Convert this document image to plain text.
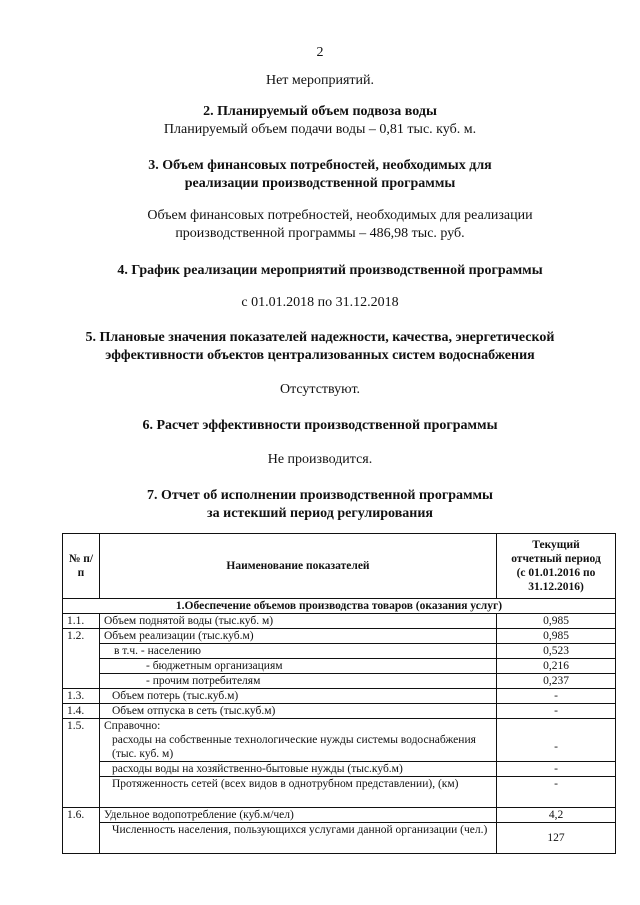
2
Нет мероприятий.
2. Планируемый объем подвоза воды
Планируемый объем подачи воды – 0,81 тыс. куб. м.
3. Объем финансовых потребностей, необходимых для
реализации производственной программы
Объем финансовых потребностей, необходимых для реализации
производственной программы – 486,98 тыс. руб.
4. График реализации мероприятий производственной программы
с 01.01.2018 по 31.12.2018
5. Плановые значения показателей надежности, качества, энергетической
эффективности объектов централизованных систем водоснабжения
Отсутствуют.
6. Расчет эффективности производственной программы
Не производится.
7. Отчет об исполнении производственной программы
за истекший период регулирования
№ п/п	Наименование показателей	Текущий
отчетный период
(с 01.01.2016 по
31.12.2016)

1.Обеспечение объемов производства товаров (оказания услуг)		
1.1.	Объем поднятой воды (тыс.куб. м)	0,985
1.2.	Объем реализации (тыс.куб.м)	0,985
	в т.ч. - населению	0,523
	- бюджетным организациям	0,216
	- прочим потребителям	0,237
1.3.	Объем потерь (тыс.куб.м)	-
1.4.	Объем отпуска в сеть (тыс.куб.м)	-
1.5.	Справочно:	
	расходы на собственные технологические нужды системы водоснабжения (тыс. куб. м)	-
	расходы воды на хозяйственно-бытовые нужды (тыс.куб.м)	-
	Протяженность сетей (всех видов в однотрубном представлении), (км)	-
1.6.	Удельное водопотребление (куб.м/чел)	4,2
	Численность населения, пользующихся услугами данной организации (чел.)	127
